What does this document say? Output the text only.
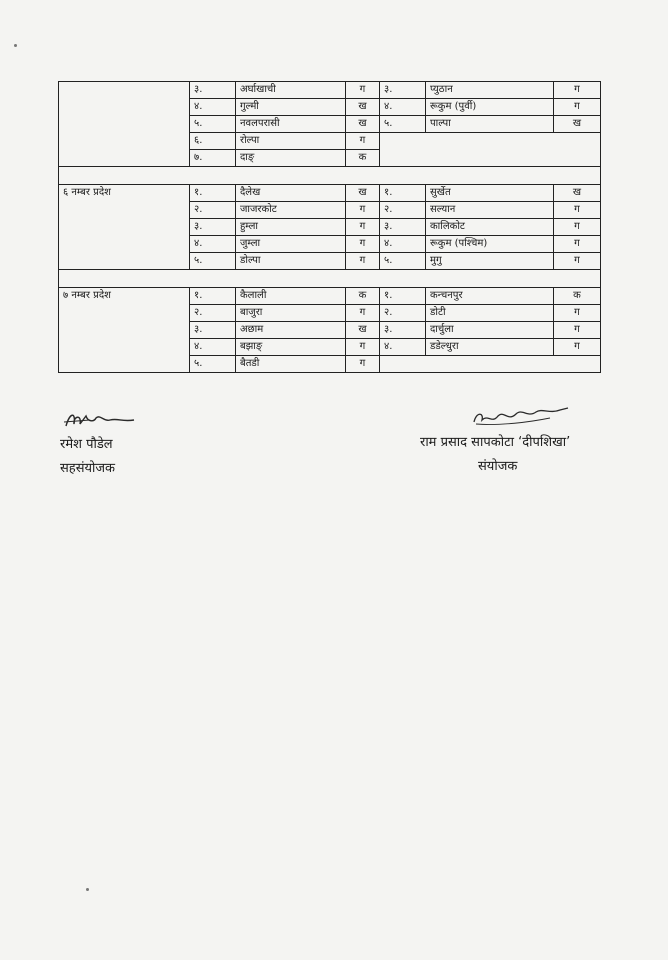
	३.	अर्घाखाची	ग	३.	प्युठान	ग
	४.	गुल्मी	ख	४.	रूकुम (पुर्वी)	ग
	५.	नवलपरासी	ख	५.	पाल्पा	ख
	६.	रोल्पा	ग			
	७.	दाङ्	क			

६ नम्बर प्रदेश	१.	दैलेख	ख	१.	सुर्खेत	ख
	२.	जाजरकोट	ग	२.	सल्यान	ग
	३.	हुम्ला	ग	३.	कालिकोट	ग
	४.	जुम्ला	ग	४.	रूकुम (पश्चिम)	ग
	५.	डोल्पा	ग	५.	मुगु	ग

७ नम्बर प्रदेश	१.	कैलाली	क	१.	कन्चनपुर	क
	२.	बाजुरा	ग	२.	डोटी	ग
	३.	अछाम	ख	३.	दार्चुला	ग
	४.	बझाङ्	ग	४.	डडेल्धुरा	ग
	५.	बैतडी	ग			
रमेश पौडेल
सहसंयोजक
राम प्रसाद सापकोटा ‘दीपशिखा’
संयोजक
